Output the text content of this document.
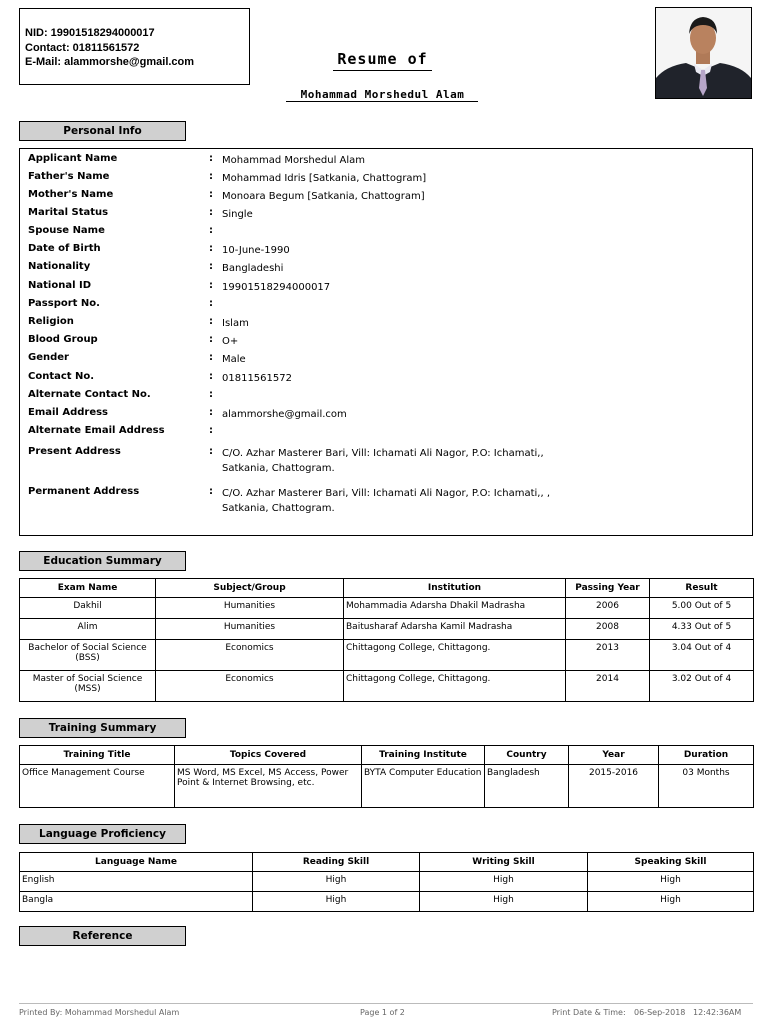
NID: 19901518294000017
Contact: 01811561572
E-Mail: alammorshe@gmail.com	Resume of
Mohammad Morshedul Alam
Personal Info
Applicant Name	: Mohammad Morshedul Alam
Father's Name	: Mohammad Idris [Satkania, Chattogram]
Mother's Name	: Monoara Begum [Satkania, Chattogram]
Marital Status	: Single
Spouse Name	:
Date of Birth	: 10-June-1990
Nationality	: Bangladeshi
National ID	: 19901518294000017
Passport No.	:
Religion	: Islam
Blood Group	: O+
Gender	: Male
Contact No.	: 01811561572
Alternate Contact No.	:
Email Address	: alammorshe@gmail.com
Alternate Email Address	:
Present Address	: C/O. Azhar Masterer Bari, Vill: Ichamati Ali Nagor, P.O: Ichamati,, Satkania, Chattogram.
Permanent Address	: C/O. Azhar Masterer Bari, Vill: Ichamati Ali Nagor, P.O: Ichamati,, , Satkania, Chattogram.
Education Summary
Exam Name	Subject/Group	Institution	Passing Year	Result
Dakhil	Humanities	Mohammadia Adarsha Dhakil Madrasha	2006	5.00 Out of 5
Alim	Humanities	Baitusharaf Adarsha Kamil Madrasha	2008	4.33 Out of 5
Bachelor of Social Science (BSS)	Economics	Chittagong College, Chittagong.	2013	3.04 Out of 4
Master of Social Science (MSS)	Economics	Chittagong College, Chittagong.	2014	3.02 Out of 4
Training Summary
Training Title	Topics Covered	Training Institute	Country	Year	Duration
Office Management Course	MS Word, MS Excel, MS Access, Power Point & Internet Browsing, etc.	BYTA Computer Education	Bangladesh	2015-2016	03 Months
Language Proficiency
Language Name	Reading Skill	Writing Skill	Speaking Skill
English	High	High	High
Bangla	High	High	High
Reference
Printed By: Mohammad Morshedul Alam	Page 1 of 2	Print Date & Time: 06-Sep-2018 12:42:36AM
